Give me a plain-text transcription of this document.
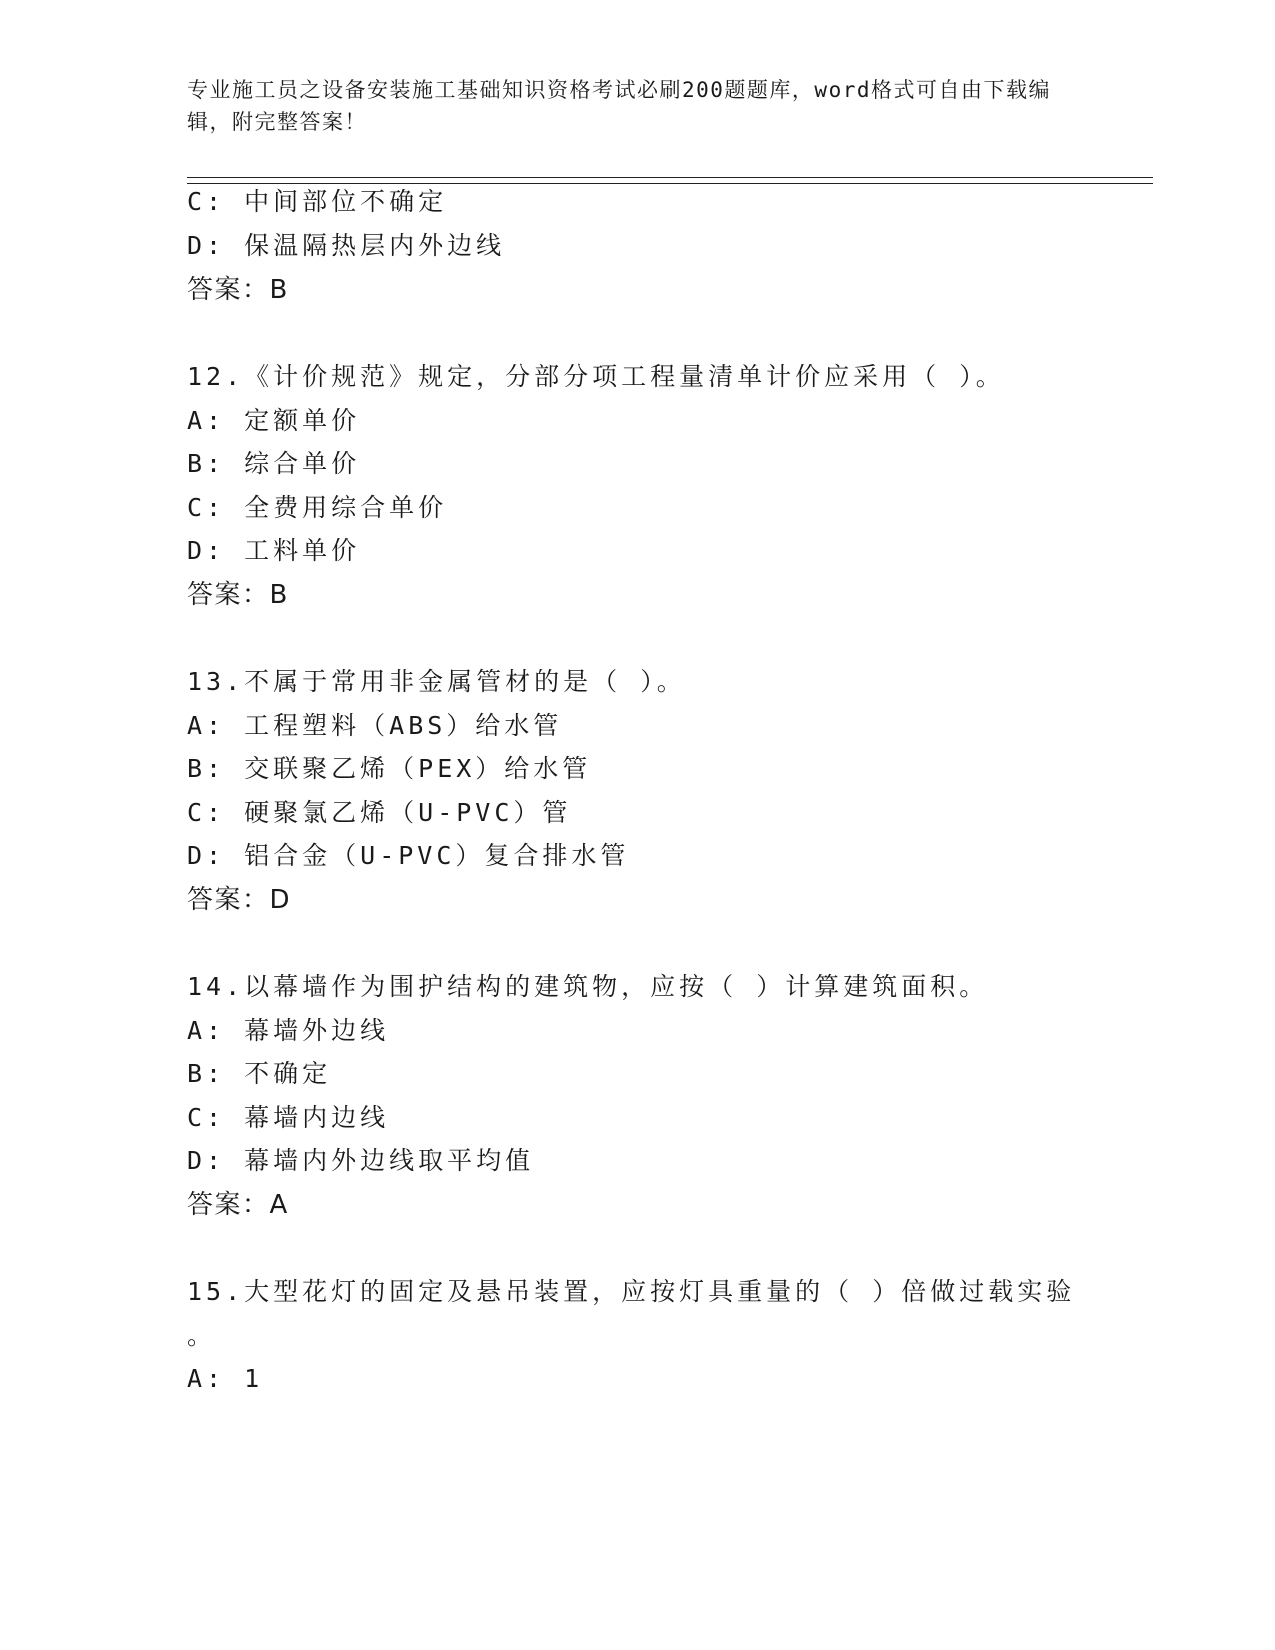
专业施工员之设备安装施工基础知识资格考试必刷200题题库，word格式可自由下载编辑，附完整答案！
C: 中间部位不确定
D: 保温隔热层内外边线
答案：B
12.《计价规范》规定，分部分项工程量清单计价应采用（ ）。
A: 定额单价
B: 综合单价
C: 全费用综合单价
D: 工料单价
答案：B
13.不属于常用非金属管材的是（ ）。
A: 工程塑料（ABS）给水管
B: 交联聚乙烯（PEX）给水管
C: 硬聚氯乙烯（U-PVC）管
D: 铝合金（U-PVC）复合排水管
答案：D
14.以幕墙作为围护结构的建筑物，应按（ ）计算建筑面积。
A: 幕墙外边线
B: 不确定
C: 幕墙内边线
D: 幕墙内外边线取平均值
答案：A
15.大型花灯的固定及悬吊装置，应按灯具重量的（ ）倍做过载实验
。
A: 1
